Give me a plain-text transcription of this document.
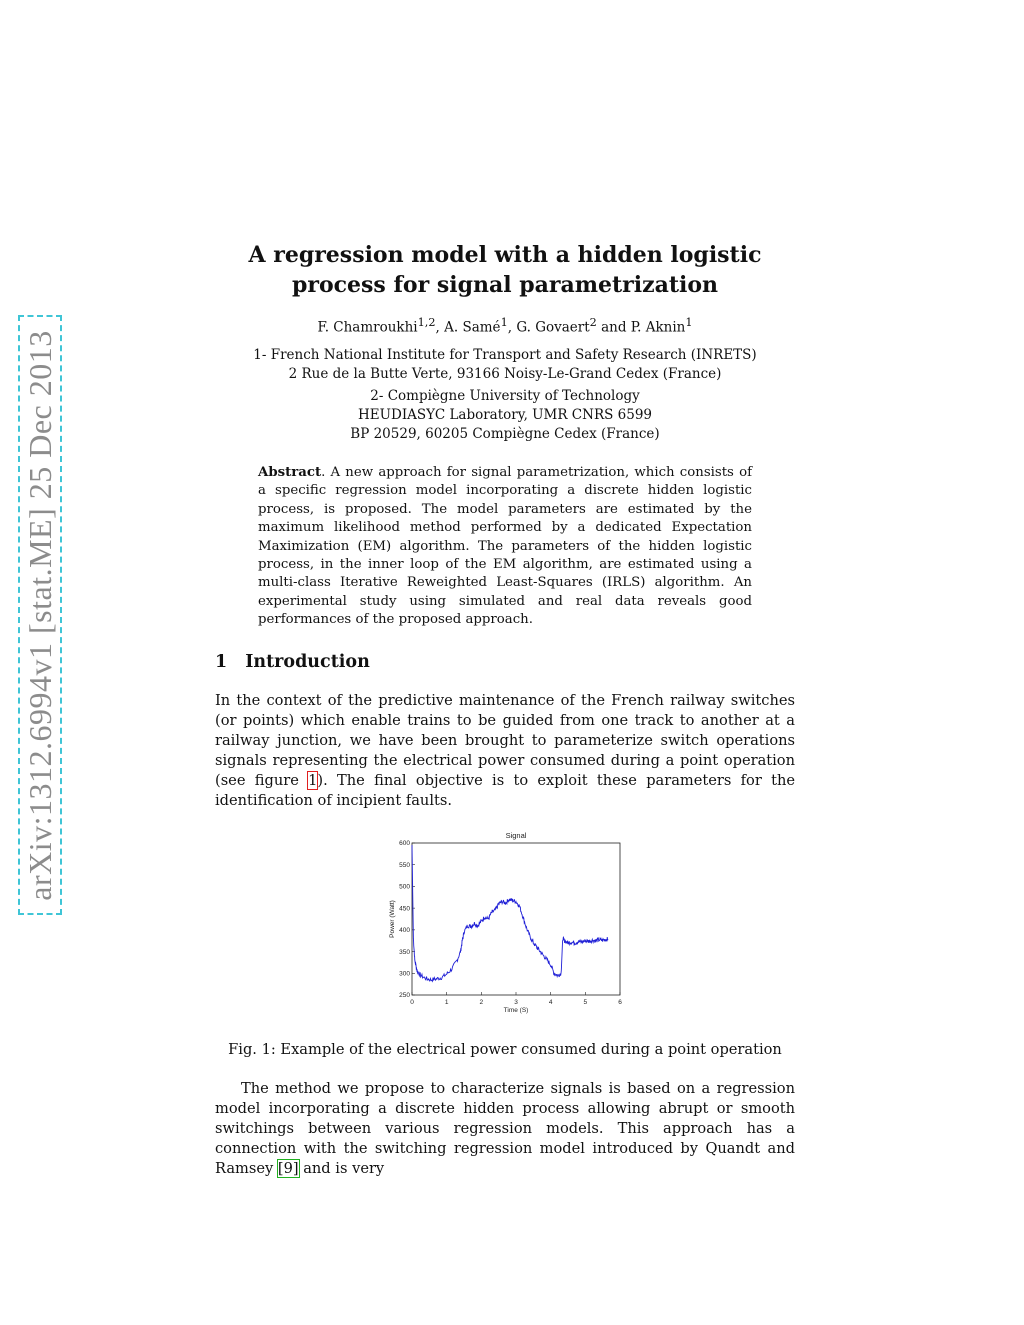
arXiv:1312.6994v1 [stat.ME] 25 Dec 2013
A regression model with a hidden logistic
process for signal parametrization
F. Chamroukhi$^{1,2}$, A. Samé$^1$, G. Govaert$^2$ and P. Aknin$^1$
1- French National Institute for Transport and Safety Research (INRETS)
2 Rue de la Butte Verte, 93166 Noisy-Le-Grand Cedex (France)
2- Compiègne University of Technology
HEUDIASYC Laboratory, UMR CNRS 6599
BP 20529, 60205 Compiègne Cedex (France)
Abstract. A new approach for signal parametrization, which consists of a specific regression model incorporating a discrete hidden logistic process, is proposed. The model parameters are estimated by the maximum likelihood method performed by a dedicated Expectation Maximization (EM) algorithm. The parameters of the hidden logistic process, in the inner loop of the EM algorithm, are estimated using a multi-class Iterative Reweighted Least-Squares (IRLS) algorithm. An experimental study using simulated and real data reveals good performances of the proposed approach.
1 Introduction
In the context of the predictive maintenance of the French railway switches (or points) which enable trains to be guided from one track to another at a railway junction, we have been brought to parameterize switch operations signals representing the electrical power consumed during a point operation (see figure 1). The final objective is to exploit these parameters for the identification of incipient faults.
0	1	2	3	4	5	6
250
300
350
400
450
500
550
600
Signal
Time (S)
Power (Watt)
Fig. 1: Example of the electrical power consumed during a point operation
The method we propose to characterize signals is based on a regression model incorporating a discrete hidden process allowing abrupt or smooth switchings between various regression models. This approach has a connection with the switching regression model introduced by Quandt and Ramsey [9] and is very
